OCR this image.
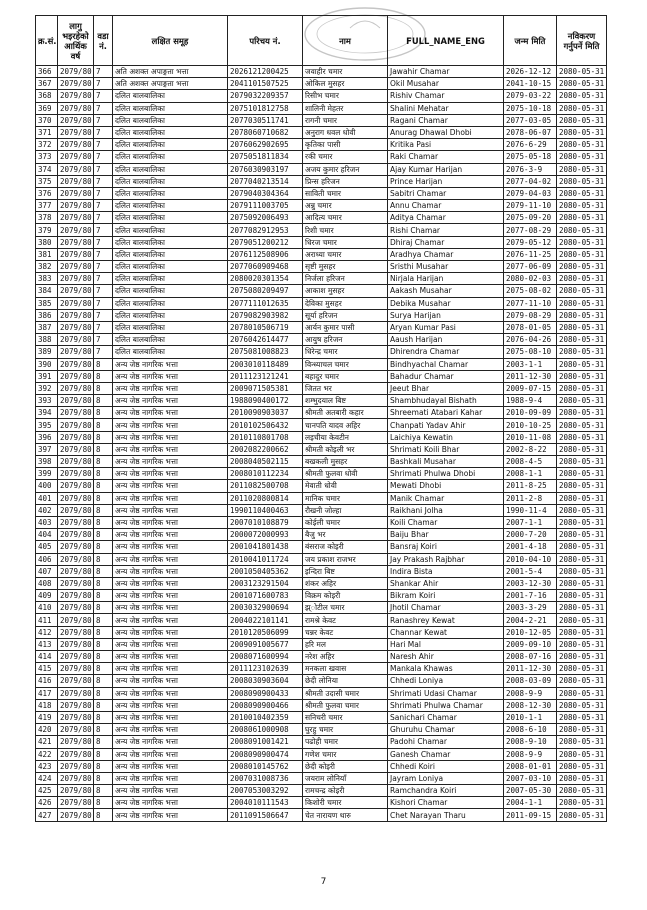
क्र.सं.	लागु भइरहेको आर्थिक वर्ष	वडा नं.	लक्षित समूह	परिचय नं.	नाम	FULL_NAME_ENG	जन्म मिति	नविकरण गर्नुपर्ने मिति
366	2079/80	7	अति अशक्त अपाङ्गता भत्ता	2026121200425	जवाहीर चमार	Jawahir Chamar	2026-12-12	2080-05-31
367	2079/80	7	अति अशक्त अपाङ्गता भत्ता	2041101507525	ओकिल मुसहर	Okil Musahar	2041-10-15	2080-05-31
368	2079/80	7	दलित बालबालिका	2079032209357	रिसीभ चमार	Rishiv Chamar	2079-03-22	2080-05-31
369	2079/80	7	दलित बालबालिका	2075101812758	शालिनी मेहतर	Shalini Mehatar	2075-10-18	2080-05-31
370	2079/80	7	दलित बालबालिका	2077030511741	रागनी चमार	Ragani Chamar	2077-03-05	2080-05-31
371	2079/80	7	दलित बालबालिका	2078060710682	अनुराग धवल धोवी	Anurag Dhawal Dhobi	2078-06-07	2080-05-31
372	2079/80	7	दलित बालबालिका	2076062902695	कृतिका पासी	Kritika Pasi	2076-6-29	2080-05-31
373	2079/80	7	दलित बालबालिका	2075051811834	रकी चमार	Raki Chamar	2075-05-18	2080-05-31
374	2079/80	7	दलित बालबालिका	2076030903197	अजय कुमार हरिजन	Ajay Kumar Harijan	2076-3-9	2080-05-31
375	2079/80	7	दलित बालबालिका	2077040213514	प्रिन्स हरिजन	Prince Harijan	2077-04-02	2080-05-31
376	2079/80	7	दलित बालबालिका	2079040304364	साविती चमार	Sabitri Chamar	2079-04-03	2080-05-31
377	2079/80	7	दलित बालबालिका	2079111003705	अन्नु चमार	Annu Chamar	2079-11-10	2080-05-31
378	2079/80	7	दलित बालबालिका	2075092006493	आदित्य चमार	Aditya Chamar	2075-09-20	2080-05-31
379	2079/80	7	दलित बालबालिका	2077082912953	रिशी चमार	Rishi Chamar	2077-08-29	2080-05-31
380	2079/80	7	दलित बालबालिका	2079051200212	धिरज चमार	Dhiraj Chamar	2079-05-12	2080-05-31
381	2079/80	7	दलित बालबालिका	2076112508906	अराध्या चमार	Aradhya Chamar	2076-11-25	2080-05-31
382	2079/80	7	दलित बालबालिका	2077060909468	सृष्टी मुसहर	Sristhi Musahar	2077-06-09	2080-05-31
383	2079/80	7	दलित बालबालिका	2080020301354	निर्जला हरिजन	Nirjala Harijan	2080-02-03	2080-05-31
384	2079/80	7	दलित बालबालिका	2075080209497	आकाश मुसहर	Aakash Musahar	2075-08-02	2080-05-31
385	2079/80	7	दलित बालबालिका	2077111012635	देविका मुसहर	Debika Musahar	2077-11-10	2080-05-31
386	2079/80	7	दलित बालबालिका	2079082903982	सूर्या हरिजन	Surya Harijan	2079-08-29	2080-05-31
387	2079/80	7	दलित बालबालिका	2078010506719	आर्यन कुमार पासी	Aryan Kumar Pasi	2078-01-05	2080-05-31
388	2079/80	7	दलित बालबालिका	2076042614477	आयुष हरिजन	Aaush Harijan	2076-04-26	2080-05-31
389	2079/80	7	दलित बालबालिका	2075081008823	धिरेन्द्र चमार	Dhirendra Chamar	2075-08-10	2080-05-31
390	2079/80	8	अन्य जेष्ठ नागरिक भत्ता	2003010118489	विन्ध्याचल चमार	Bindhyachal Chamar	2003-1-1	2080-05-31
391	2079/80	8	अन्य जेष्ठ नागरिक भत्ता	2011123121241	बहादुर चमार	Bahadur Chamar	2011-12-30	2080-05-31
392	2079/80	8	अन्य जेष्ठ नागरिक भत्ता	2009071505381	जितत भर	Jeeut Bhar	2009-07-15	2080-05-31
393	2079/80	8	अन्य जेष्ठ नागरिक भत्ता	1988090400172	शम्भुदयाल बिष्ट	Shambhudayal Bishath	1988-9-4	2080-05-31
394	2079/80	8	अन्य जेष्ठ नागरिक भत्ता	2010090903037	श्रीमती अतबारी कहार	Shreemati Atabari Kahar	2010-09-09	2080-05-31
395	2079/80	8	अन्य जेष्ठ नागरिक भत्ता	2010102506432	चानपति यादव अहिर	Chanpati Yadav Ahir	2010-10-25	2080-05-31
396	2079/80	8	अन्य जेष्ठ नागरिक भत्ता	2010110801708	लइचीया केवटीन	Laichiya Kewatin	2010-11-08	2080-05-31
397	2079/80	8	अन्य जेष्ठ नागरिक भत्ता	2002082200662	श्रीमती कोइली भर	Shrimati Koili Bhar	2002-8-22	2080-05-31
398	2079/80	8	अन्य जेष्ठ नागरिक भत्ता	2008040502115	बखकली मुसहर	Bashkali Musahar	2008-4-5	2080-05-31
399	2079/80	8	अन्य जेष्ठ नागरिक भत्ता	2008010112234	श्रीमती फुलवा धोवी	Shrimati Phulwa Dhobi	2008-1-1	2080-05-31
400	2079/80	8	अन्य जेष्ठ नागरिक भत्ता	2011082500708	मेवाती धोवी	Mewati Dhobi	2011-8-25	2080-05-31
401	2079/80	8	अन्य जेष्ठ नागरिक भत्ता	2011020800814	मानिक चमार	Manik Chamar	2011-2-8	2080-05-31
402	2079/80	8	अन्य जेष्ठ नागरिक भत्ता	1990110400463	रौखनी जाेल्हा	Raikhani Jolha	1990-11-4	2080-05-31
403	2079/80	8	अन्य जेष्ठ नागरिक भत्ता	2007010108879	कोईली चमार	Koili Chamar	2007-1-1	2080-05-31
404	2079/80	8	अन्य जेष्ठ नागरिक भत्ता	2000072000993	बैजु भर	Baiju Bhar	2000-7-20	2080-05-31
405	2079/80	8	अन्य जेष्ठ नागरिक भत्ता	2001041801438	बंसराज कोइरी	Bansraj Koiri	2001-4-18	2080-05-31
406	2079/80	8	अन्य जेष्ठ नागरिक भत्ता	2010041011724	जय प्रकाश राजभर	Jay Prakash Rajbhar	2010-04-10	2080-05-31
407	2079/80	8	अन्य जेष्ठ नागरिक भत्ता	2001050405362	इन्दिरा बिष्ट	Indira Bista	2001-5-4	2080-05-31
408	2079/80	8	अन्य जेष्ठ नागरिक भत्ता	2003123291504	शंकर अहिर	Shankar Ahir	2003-12-30	2080-05-31
409	2079/80	8	अन्य जेष्ठ नागरिक भत्ता	2001071600783	विक्रम कोइरी	Bikram Koiri	2001-7-16	2080-05-31
410	2079/80	8	अन्य जेष्ठ नागरिक भत्ता	2003032900694	झ्ोटील चमार	Jhotil Chamar	2003-3-29	2080-05-31
411	2079/80	8	अन्य जेष्ठ नागरिक भत्ता	2004022101141	रामश्रे केवट	Ranashrey Kewat	2004-2-21	2080-05-31
412	2079/80	8	अन्य जेष्ठ नागरिक भत्ता	2010120506099	चन्नर केवट	Channar Kewat	2010-12-05	2080-05-31
413	2079/80	8	अन्य जेष्ठ नागरिक भत्ता	2009091005677	हरि मल	Hari Mal	2009-09-10	2080-05-31
414	2079/80	8	अन्य जेष्ठ नागरिक भत्ता	2008071600994	नरेश अहिर	Naresh Ahir	2008-07-16	2080-05-31
415	2079/80	8	अन्य जेष्ठ नागरिक भत्ता	2011123102639	मनकला खवास	Mankala Khawas	2011-12-30	2080-05-31
416	2079/80	8	अन्य जेष्ठ नागरिक भत्ता	2008030903604	छेदी लोनिया	Chhedi Loniya	2008-03-09	2080-05-31
417	2079/80	8	अन्य जेष्ठ नागरिक भत्ता	2008090900433	श्रीमती उदासी चमार	Shrimati Udasi Chamar	2008-9-9	2080-05-31
418	2079/80	8	अन्य जेष्ठ नागरिक भत्ता	2008090900466	श्रीमती फुलवा चमार	Shrimati Phulwa Chamar	2008-12-30	2080-05-31
419	2079/80	8	अन्य जेष्ठ नागरिक भत्ता	2010010402359	सनिचरी चमार	Sanichari Chamar	2010-1-1	2080-05-31
420	2079/80	8	अन्य जेष्ठ नागरिक भत्ता	2008061000908	घुरहु चमार	Ghuruhu Chamar	2008-6-10	2080-05-31
421	2079/80	8	अन्य जेष्ठ नागरिक भत्ता	2008091001421	पढोही चमार	Padohi Chamar	2008-9-10	2080-05-31
422	2079/80	8	अन्य जेष्ठ नागरिक भत्ता	2008090900474	गणेश चमार	Ganesh Chamar	2008-9-9	2080-05-31
423	2079/80	8	अन्य जेष्ठ नागरिक भत्ता	2008010145762	छेदी कोइरी	Chhedi Koiri	2008-01-01	2080-05-31
424	2079/80	8	अन्य जेष्ठ नागरिक भत्ता	2007031008736	जयराम लोनियाँ	Jayram Loniya	2007-03-10	2080-05-31
425	2079/80	8	अन्य जेष्ठ नागरिक भत्ता	2007053003292	रामचन्द्र कोइरी	Ramchandra Koiri	2007-05-30	2080-05-31
426	2079/80	8	अन्य जेष्ठ नागरिक भत्ता	2004010111543	किशोरी चमार	Kishori Chamar	2004-1-1	2080-05-31
427	2079/80	8	अन्य जेष्ठ नागरिक भत्ता	2011091506647	चेत नारायण थारु	Chet Narayan Tharu	2011-09-15	2080-05-31
7
